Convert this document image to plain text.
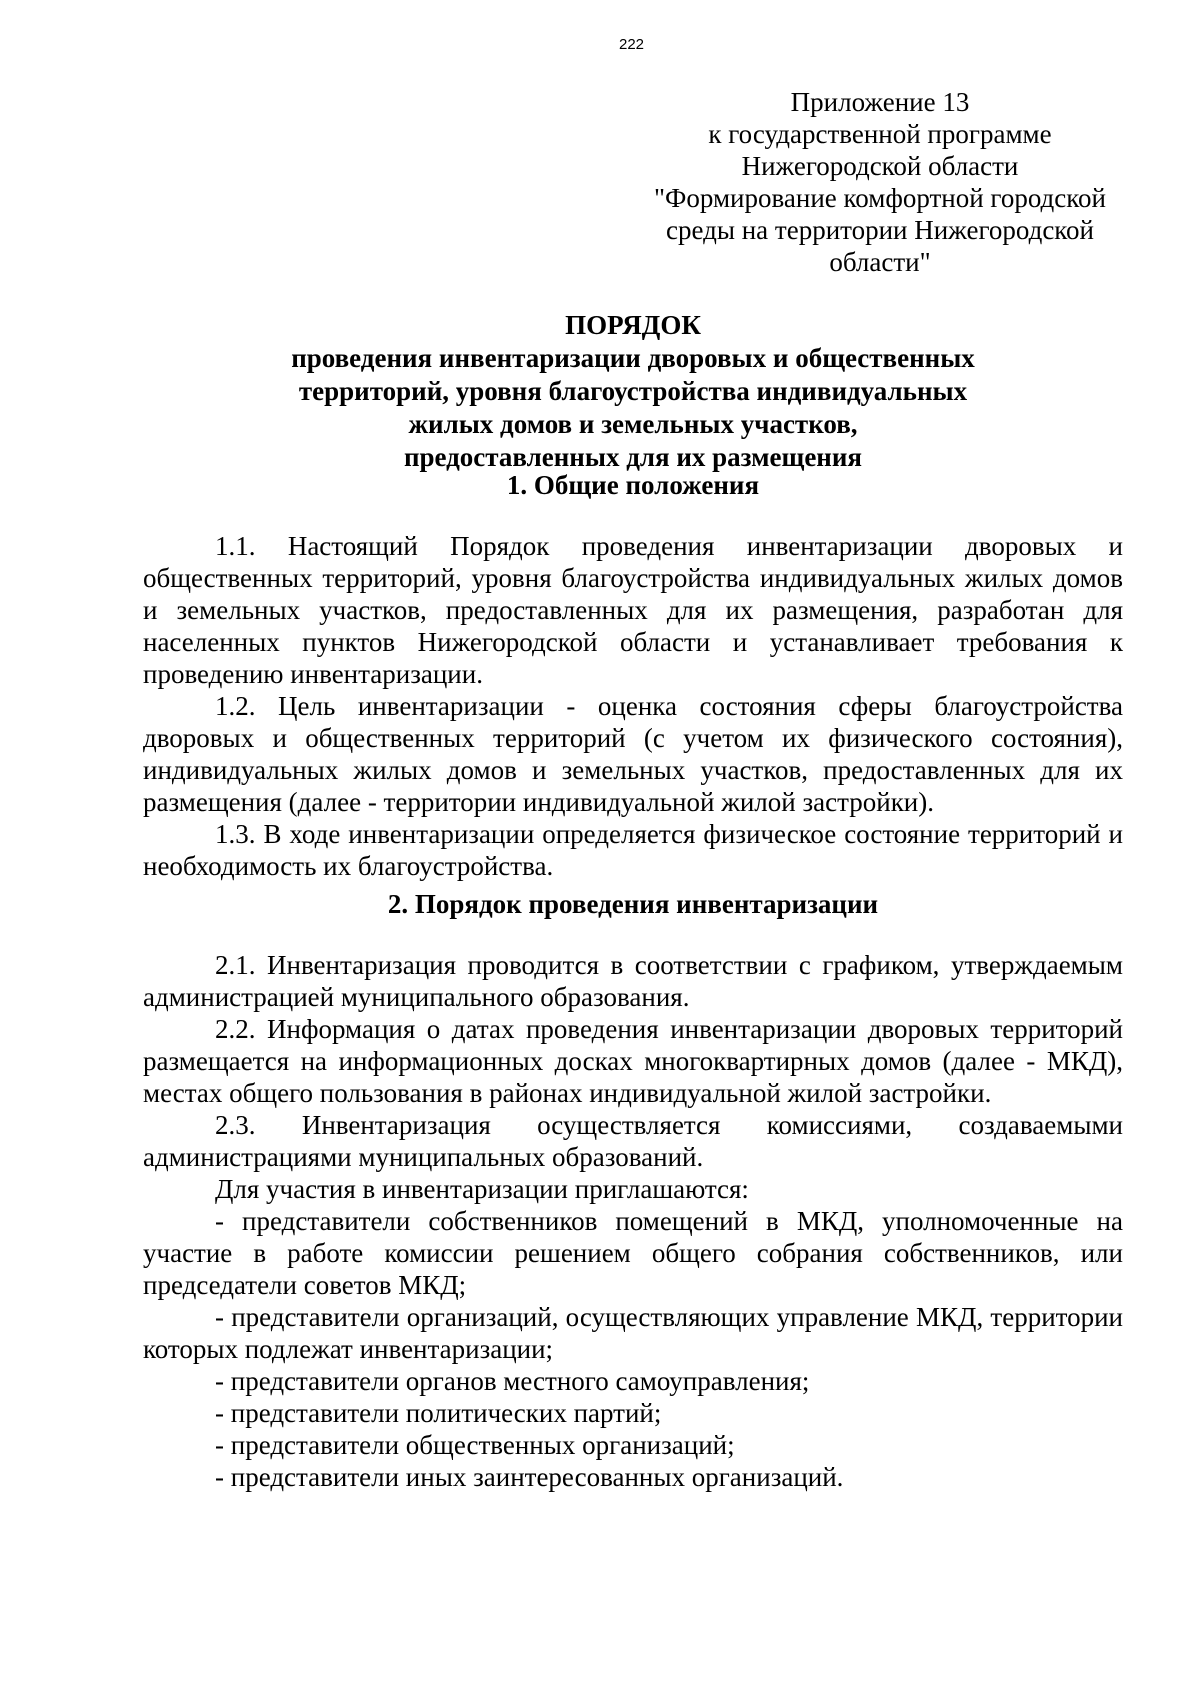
222
Приложение 13
к государственной программе
Нижегородской области
"Формирование комфортной городской
среды на территории Нижегородской
области"
ПОРЯДОК
проведения инвентаризации дворовых и общественных
территорий, уровня благоустройства индивидуальных
жилых домов и земельных участков,
предоставленных для их размещения
1. Общие положения

1.1. Настоящий Порядок проведения инвентаризации дворовых и общественных территорий, уровня благоустройства индивидуальных жилых домов и земельных участков, предоставленных для их размещения, разработан для населенных пунктов Нижегородской области и устанавливает требования к проведению инвентаризации.

1.2. Цель инвентаризации - оценка состояния сферы благоустройства дворовых и общественных территорий (с учетом их физического состояния), индивидуальных жилых домов и земельных участков, предоставленных для их размещения (далее - территории индивидуальной жилой застройки).

1.3. В ходе инвентаризации определяется физическое состояние территорий и необходимость их благоустройства.

2. Порядок проведения инвентаризации

2.1. Инвентаризация проводится в соответствии с графиком, утверждаемым администрацией муниципального образования.

2.2. Информация о датах проведения инвентаризации дворовых территорий размещается на информационных досках многоквартирных домов (далее - МКД), местах общего пользования в районах индивидуальной жилой застройки.

2.3. Инвентаризация осуществляется комиссиями, создаваемыми администрациями муниципальных образований.

Для участия в инвентаризации приглашаются:

- представители собственников помещений в МКД, уполномоченные на участие в работе комиссии решением общего собрания собственников, или председатели советов МКД;

- представители организаций, осуществляющих управление МКД, территории которых подлежат инвентаризации;

- представители органов местного самоуправления;

- представители политических партий;

- представители общественных организаций;

- представители иных заинтересованных организаций.
